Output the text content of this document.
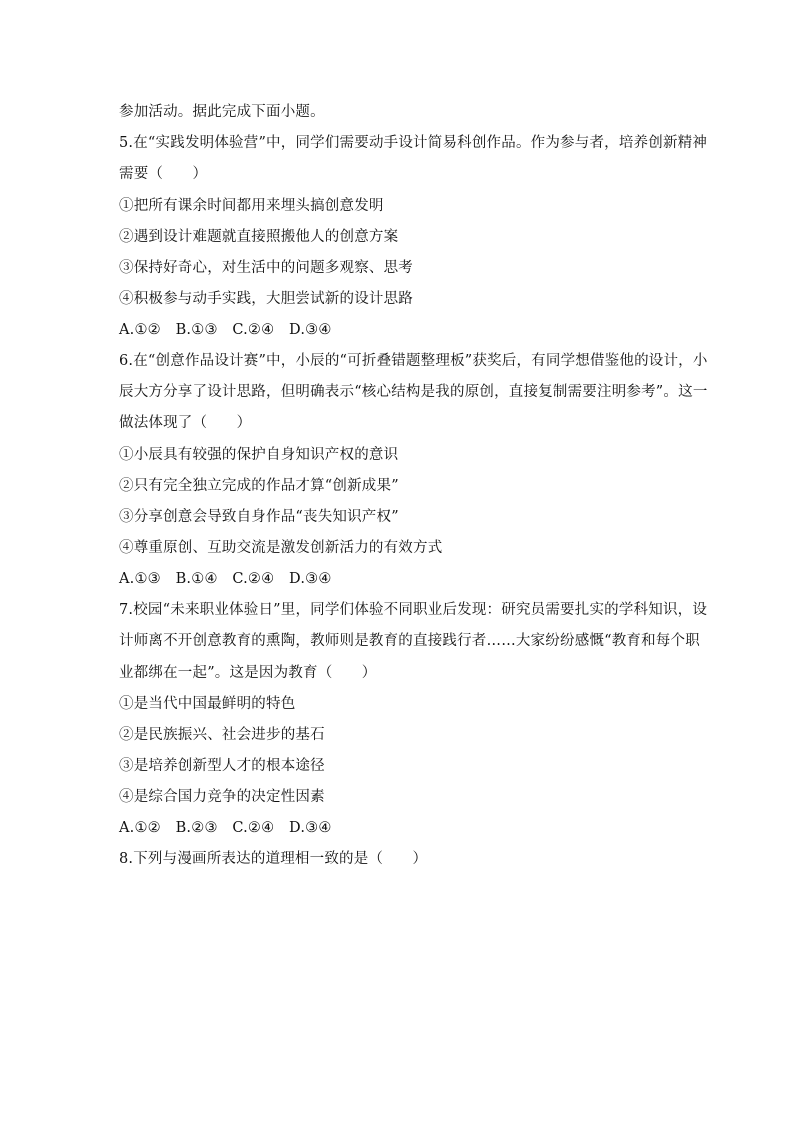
参加活动。据此完成下面小题。
5.在“实践发明体验营”中，同学们需要动手设计简易科创作品。作为参与者，培养创新精神
需要（　　）
①把所有课余时间都用来埋头搞创意发明
②遇到设计难题就直接照搬他人的创意方案
③保持好奇心，对生活中的问题多观察、思考
④积极参与动手实践，大胆尝试新的设计思路
A.①②　B.①③　C.②④　D.③④
6.在“创意作品设计赛”中，小辰的“可折叠错题整理板”获奖后，有同学想借鉴他的设计，小
辰大方分享了设计思路，但明确表示“核心结构是我的原创，直接复制需要注明参考”。这一
做法体现了（　　）
①小辰具有较强的保护自身知识产权的意识
②只有完全独立完成的作品才算“创新成果”
③分享创意会导致自身作品“丧失知识产权”
④尊重原创、互助交流是激发创新活力的有效方式
A.①③　B.①④　C.②④　D.③④
7.校园“未来职业体验日”里，同学们体验不同职业后发现：研究员需要扎实的学科知识，设
计师离不开创意教育的熏陶，教师则是教育的直接践行者……大家纷纷感慨“教育和每个职
业都绑在一起”。这是因为教育（　　）
①是当代中国最鲜明的特色
②是民族振兴、社会进步的基石
③是培养创新型人才的根本途径
④是综合国力竞争的决定性因素
A.①②　B.②③　C.②④　D.③④
8.下列与漫画所表达的道理相一致的是（　　）
